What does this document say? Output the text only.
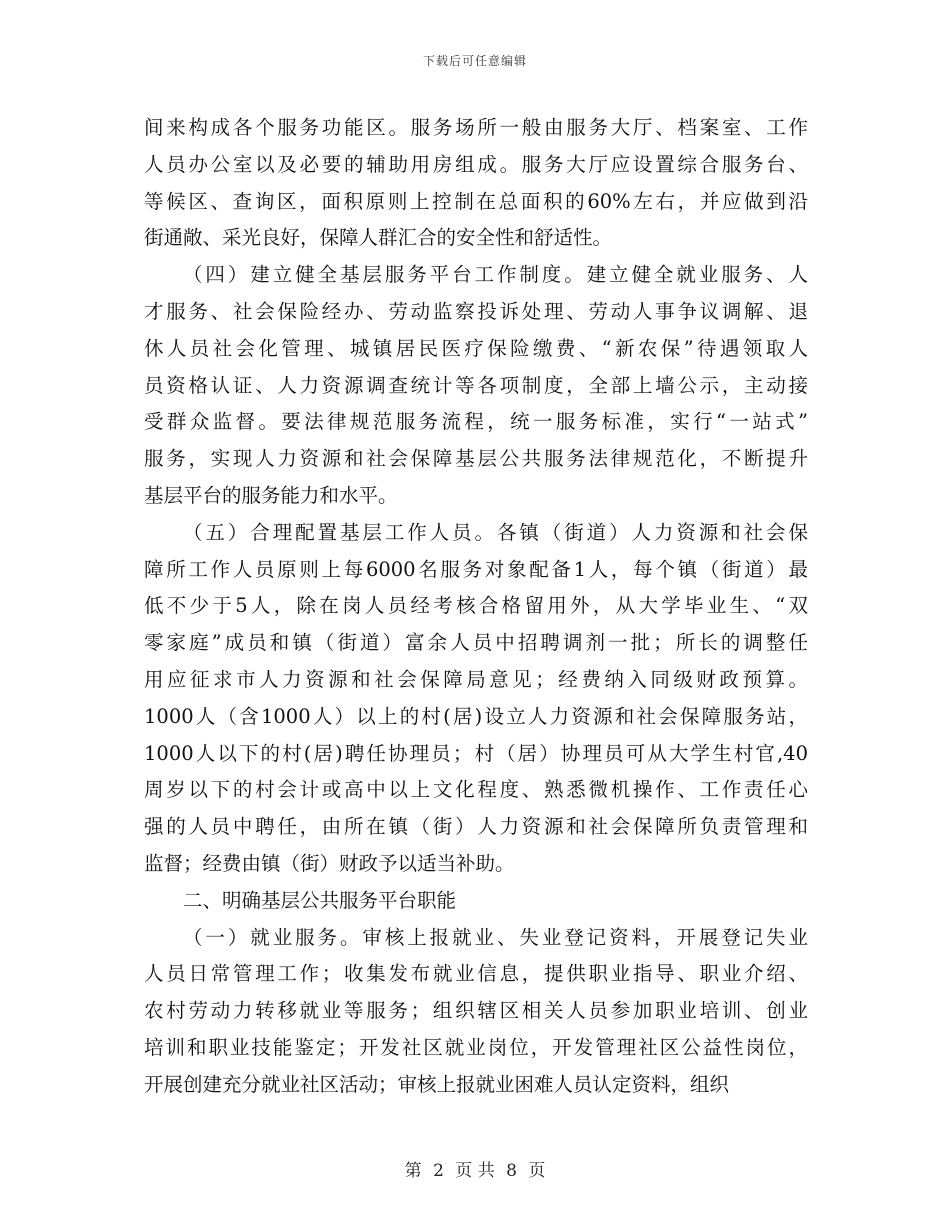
下载后可任意编辑
间来构成各个服务功能区。服务场所一般由服务大厅、档案室、工作
人员办公室以及必要的辅助用房组成。服务大厅应设置综合服务台、
等候区、查询区，面积原则上控制在总面积的60%左右，并应做到沿
街通敞、采光良好，保障人群汇合的安全性和舒适性。
（四）建立健全基层服务平台工作制度。建立健全就业服务、人
才服务、社会保险经办、劳动监察投诉处理、劳动人事争议调解、退
休人员社会化管理、城镇居民医疗保险缴费、“新农保”待遇领取人
员资格认证、人力资源调查统计等各项制度，全部上墙公示，主动接
受群众监督。要法律规范服务流程，统一服务标准，实行“一站式”
服务，实现人力资源和社会保障基层公共服务法律规范化，不断提升
基层平台的服务能力和水平。
（五）合理配置基层工作人员。各镇（街道）人力资源和社会保
障所工作人员原则上每6000名服务对象配备1人，每个镇（街道）最
低不少于5人，除在岗人员经考核合格留用外，从大学毕业生、“双
零家庭”成员和镇（街道）富余人员中招聘调剂一批；所长的调整任
用应征求市人力资源和社会保障局意见；经费纳入同级财政预算。
1000人（含1000人）以上的村(居)设立人力资源和社会保障服务站，
1000人以下的村(居)聘任协理员；村（居）协理员可从大学生村官,40
周岁以下的村会计或高中以上文化程度、熟悉微机操作、工作责任心
强的人员中聘任，由所在镇（街）人力资源和社会保障所负责管理和
监督；经费由镇（街）财政予以适当补助。
二、明确基层公共服务平台职能
（一）就业服务。审核上报就业、失业登记资料，开展登记失业
人员日常管理工作；收集发布就业信息，提供职业指导、职业介绍、
农村劳动力转移就业等服务；组织辖区相关人员参加职业培训、创业
培训和职业技能鉴定；开发社区就业岗位，开发管理社区公益性岗位，
开展创建充分就业社区活动；审核上报就业困难人员认定资料，组织
第 2 页 共 8 页
